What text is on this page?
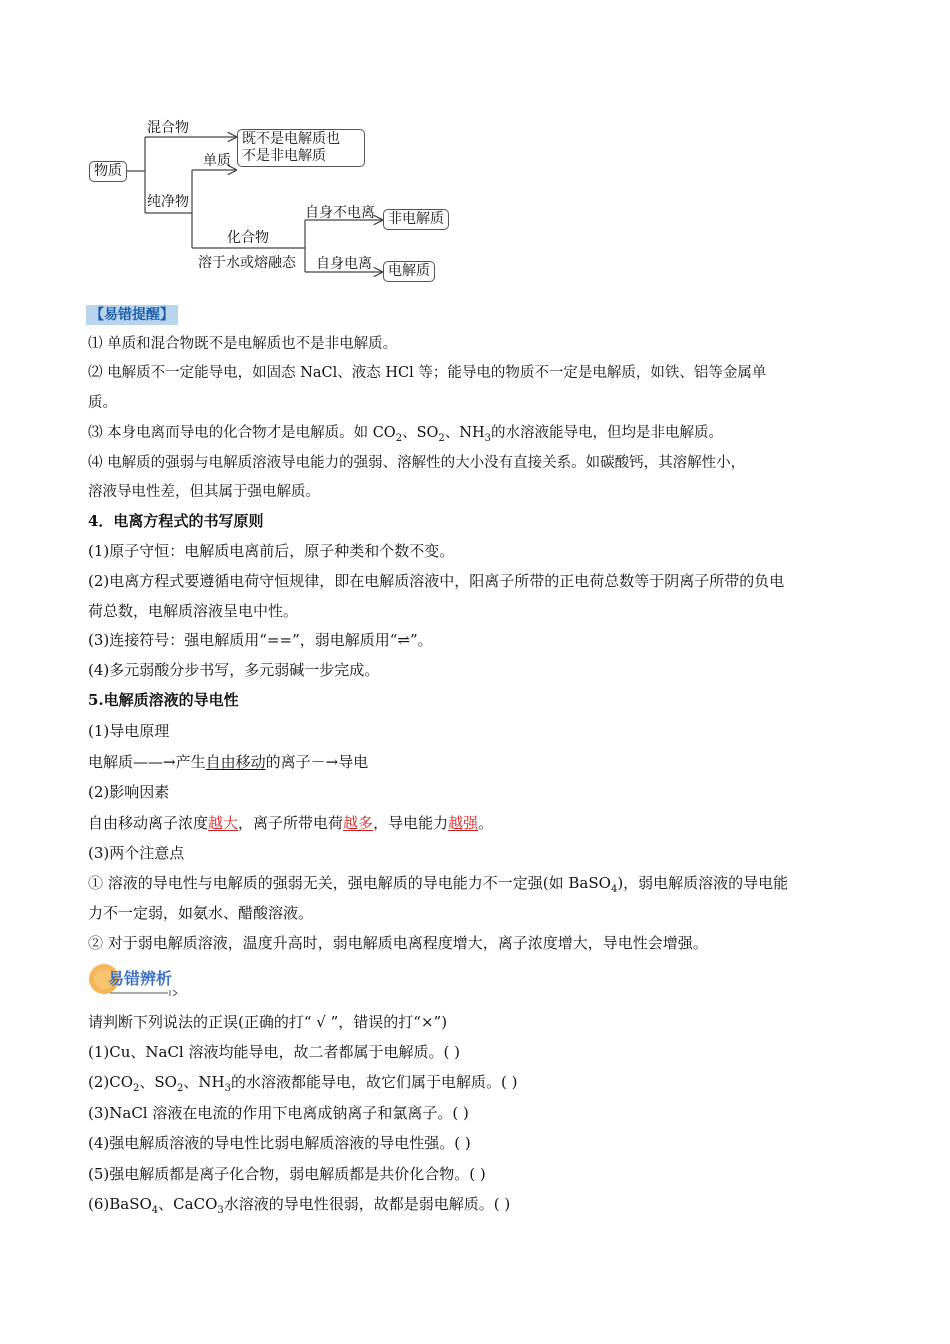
物质
混合物
既不是电解质也
不是非电解质
单质
纯净物
化合物
溶于水或熔融态
自身不电离 非电解质
自身电离	电解质
【易错提醒】
⑴ 单质和混合物既不是电解质也不是非电解质。
⑵ 电解质不一定能导电，如固态 NaCl、液态 HCl 等；能导电的物质不一定是电解质，如铁、铝等金属单
质。
⑶ 本身电离而导电的化合物才是电解质。如 $CO_2$、$SO_2$、$NH_3$的水溶液能导电，但均是非电解质。
⑷ 电解质的强弱与电解质溶液导电能力的强弱、溶解性的大小没有直接关系。如碳酸钙，其溶解性小，
溶液导电性差，但其属于强电解质。
4．电离方程式的书写原则
(1)原子守恒：电解质电离前后，原子种类和个数不变。
(2)电离方程式要遵循电荷守恒规律，即在电解质溶液中，阳离子所带的正电荷总数等于阴离子所带的负电
荷总数，电解质溶液呈电中性。
(3)连接符号：强电解质用“==”，弱电解质用“⇌”。
(4)多元弱酸分步书写，多元弱碱一步完成。
5.电解质溶液的导电性
(1)导电原理
电解质——→产生自由移动的离子－→导电
(2)影响因素
自由移动离子浓度越大，离子所带电荷越多，导电能力越强。
(3)两个注意点
① 溶液的导电性与电解质的强弱无关，强电解质的导电能力不一定强(如 BaSO$_4$)，弱电解质溶液的导电能
力不一定弱，如氨水、醋酸溶液。
② 对于弱电解质溶液，温度升高时，弱电解质电离程度增大，离子浓度增大，导电性会增强。
易错辨析
请判断下列说法的正误(正确的打“ √ ”，错误的打“×”)
(1)Cu、NaCl 溶液均能导电，故二者都属于电解质。( )
$(2)CO_2$、$SO_2$、$NH_3$的水溶液都能导电，故它们属于电解质。( )
(3)NaCl 溶液在电流的作用下电离成钠离子和氯离子。( )
(4)强电解质溶液的导电性比弱电解质溶液的导电性强。( )
(5)强电解质都是离子化合物，弱电解质都是共价化合物。( )
(6)BaSO$_4$、CaCO$_3$水溶液的导电性很弱，故都是弱电解质。( )
